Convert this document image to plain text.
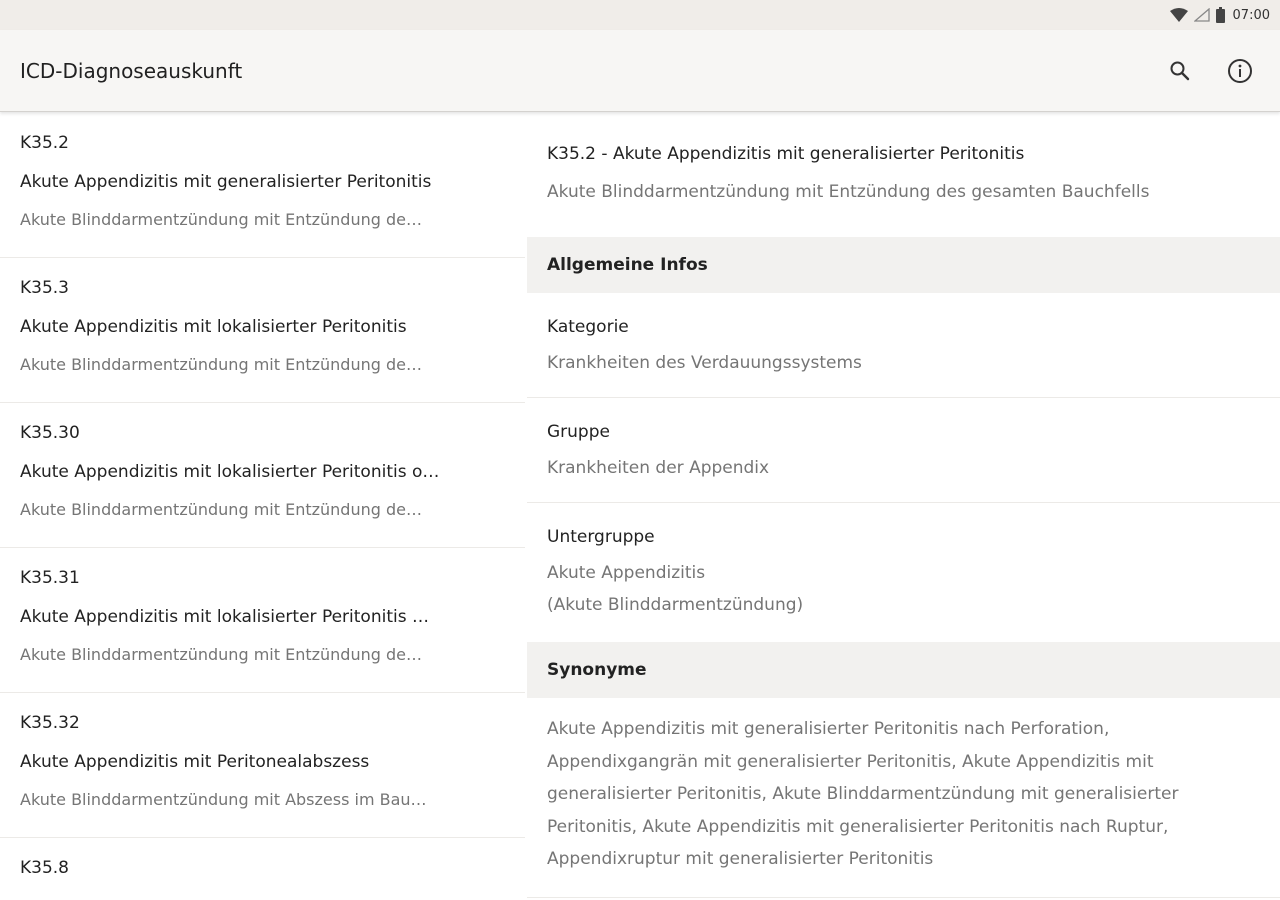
07:00
ICD-Diagnoseauskunft
K35.2
Akute Appendizitis mit generalisierter Peritonitis
Akute Blinddarmentzündung mit Entzündung de…
K35.3
Akute Appendizitis mit lokalisierter Peritonitis
Akute Blinddarmentzündung mit Entzündung de…
K35.30
Akute Appendizitis mit lokalisierter Peritonitis o…
Akute Blinddarmentzündung mit Entzündung de…
K35.31
Akute Appendizitis mit lokalisierter Peritonitis …
Akute Blinddarmentzündung mit Entzündung de…
K35.32
Akute Appendizitis mit Peritonealabszess
Akute Blinddarmentzündung mit Abszess im Bau…
K35.8
K35.2 - Akute Appendizitis mit generalisierter Peritonitis
Akute Blinddarmentzündung mit Entzündung des gesamten Bauchfells
Allgemeine Infos
Kategorie
Krankheiten des Verdauungssystems
Gruppe
Krankheiten der Appendix
Untergruppe
Akute Appendizitis
(Akute Blinddarmentzündung)
Synonyme
Akute Appendizitis mit generalisierter Peritonitis nach Perforation, Appendixgangrän mit generalisierter Peritonitis, Akute Appendizitis mit generalisierter Peritonitis, Akute Blinddarmentzündung mit generalisierter Peritonitis, Akute Appendizitis mit generalisierter Peritonitis nach Ruptur, Appendixruptur mit generalisierter Peritonitis
